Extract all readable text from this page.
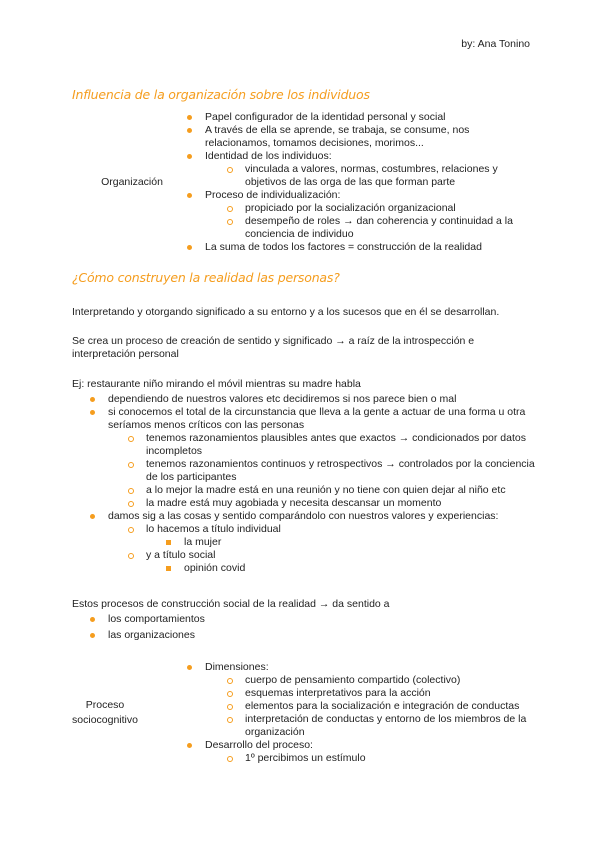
by: Ana Tonino
Influencia de la organización sobre los individuos
Organización
Papel configurador de la identidad personal y social
A través de ella se aprende, se trabaja, se consume, nos relacionamos, tomamos decisiones, morimos...
Identidad de los individuos:
vinculada a valores, normas, costumbres, relaciones y objetivos de las orga de las que forman parte
Proceso de individualización:
propiciado por la socialización organizacional
desempeño de roles → dan coherencia y continuidad a la conciencia de individuo
La suma de todos los factores = construcción de la realidad
¿Cómo construyen la realidad las personas?
Interpretando y otorgando significado a su entorno y a los sucesos que en él se desarrollan.
Se crea un proceso de creación de sentido y significado → a raíz de la introspección e interpretación personal
Ej: restaurante niño mirando el móvil mientras su madre habla
dependiendo de nuestros valores etc decidiremos si nos parece bien o mal
si conocemos el total de la circunstancia que lleva a la gente a actuar de una forma u otra seríamos menos críticos con las personas
tenemos razonamientos plausibles antes que exactos → condicionados por datos incompletos
tenemos razonamientos continuos y retrospectivos → controlados por la conciencia de los participantes
a lo mejor la madre está en una reunión y no tiene con quien dejar al niño etc
la madre está muy agobiada y necesita descansar un momento
damos sig a las cosas y sentido comparándolo con nuestros valores y experiencias:
lo hacemos a título individual
la mujer
y a título social
opinión covid
Estos procesos de construcción social de la realidad → da sentido a
los comportamientos
las organizaciones
Proceso
sociocognitivo
Dimensiones:
cuerpo de pensamiento compartido (colectivo)
esquemas interpretativos para la acción
elementos para la socialización e integración de conductas
interpretación de conductas y entorno de los miembros de la organización
Desarrollo del proceso:
1º percibimos un estímulo
